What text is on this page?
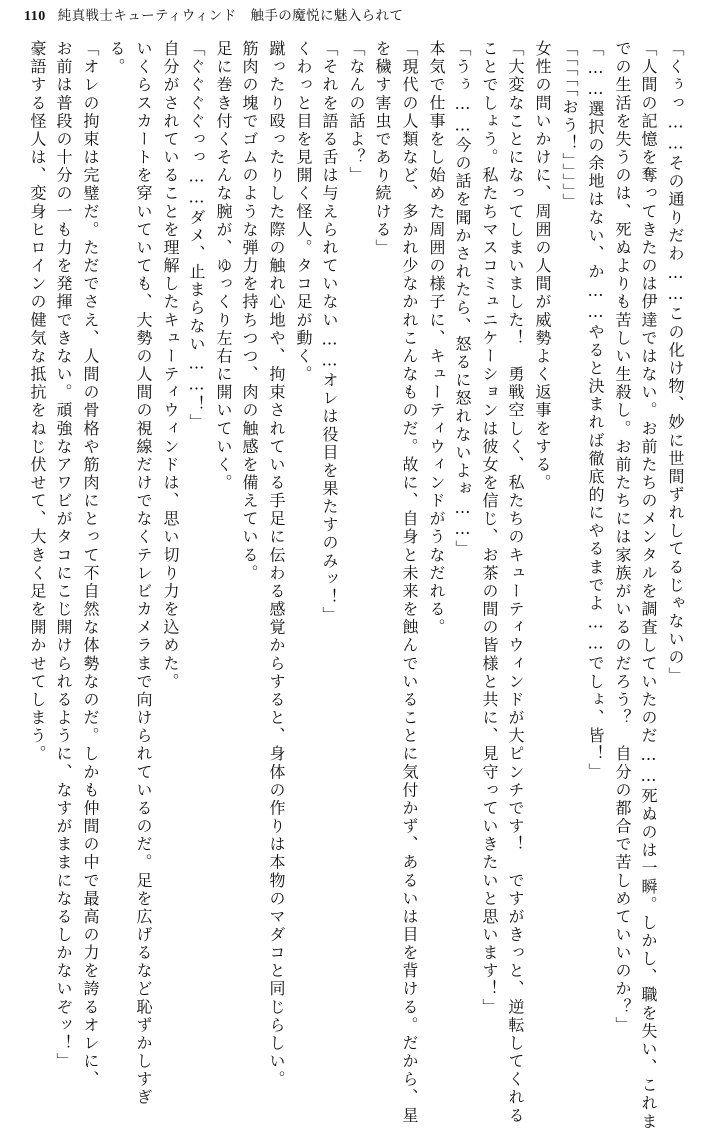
110 純真戦士キューティウィンド　触手の魔悦に魅入られて
「くぅっ……その通りだわ……この化け物、妙に世間ずれしてるじゃないの」
「人間の記憶を奪ってきたのは伊達ではない。お前たちのメンタルを調査していたのだ……死ぬのは一瞬。しかし、職を失い、これま
での生活を失うのは、死ぬよりも苦しい生殺し。お前たちには家族がいるのだろう？　自分の都合で苦しめていいのか？」
「……選択の余地はない、か……やると決まれば徹底的にやるまでよ……でしょ、皆！」
「「「「「おう！」」」」」
女性の問いかけに、周囲の人間が威勢よく返事をする。
「大変なことになってしまいました！　勇戦空しく、私たちのキューティウィンドが大ピンチです！　ですがきっと、逆転してくれる
ことでしょう。私たちマスコミュニケーションは彼女を信じ、お茶の間の皆様と共に、見守っていきたいと思います！」
「うぅ……今の話を聞かされたら、怒るに怒れないよぉ……」
本気で仕事をし始めた周囲の様子に、キューティウィンドがうなだれる。
「現代の人類など、多かれ少なかれこんなものだ。故に、自身と未来を蝕んでいることに気付かず、あるいは目を背ける。だから、星
を穢す害虫であり続ける」
「なんの話よ？」
「それを語る舌は与えられていない……オレは役目を果たすのみッ！」
くわっと目を見開く怪人。タコ足が動く。
蹴ったり殴ったりした際の触れ心地や、拘束されている手足に伝わる感覚からすると、身体の作りは本物のマダコと同じらしい。
筋肉の塊でゴムのような弾力を持ちつつ、肉の触感を備えている。
足に巻き付くそんな腕が、ゆっくり左右に開いていく。
「ぐぐぐぐっっ……ダメ、止まらない……！」
自分がされていることを理解したキューティウィンドは、思い切り力を込めた。
いくらスカートを穿いていても、大勢の人間の視線だけでなくテレビカメラまで向けられているのだ。足を広げるなど恥ずかしすぎ
る。
「オレの拘束は完璧だ。ただでさえ、人間の骨格や筋肉にとって不自然な体勢なのだ。しかも仲間の中で最高の力を誇るオレに、
お前は普段の十分の一も力を発揮できない。頑強なアワビがタコにこじ開けられるように、なすがままになるしかないぞッ！」
豪語する怪人は、変身ヒロインの健気な抵抗をねじ伏せて、大きく足を開かせてしまう。
